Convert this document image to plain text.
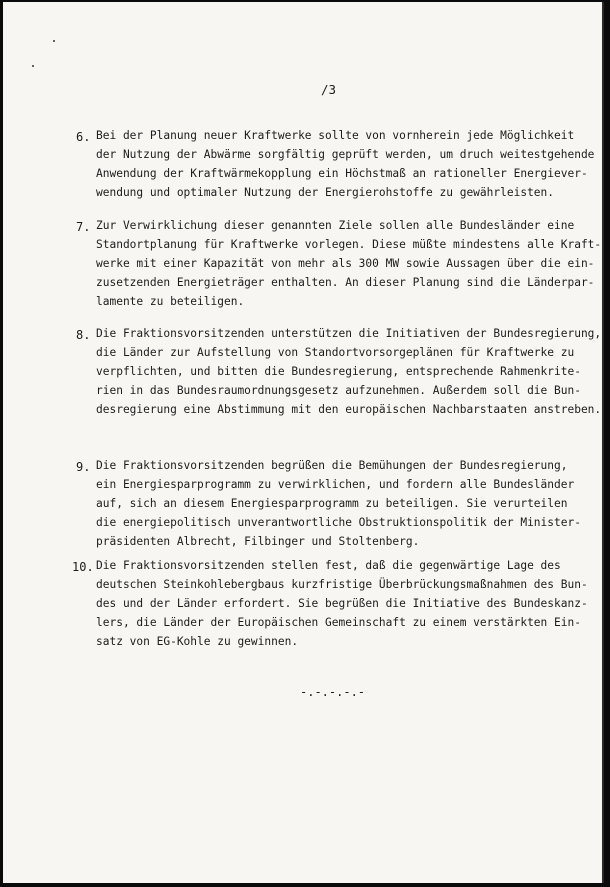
/3
6. Bei der Planung neuer Kraftwerke sollte von vornherein jede Möglichkeit
der Nutzung der Abwärme sorgfältig geprüft werden, um druch weitestgehende
Anwendung der Kraftwärmekopplung ein Höchstmaß an rationeller Energiever-
wendung und optimaler Nutzung der Energierohstoffe zu gewährleisten.
7. Zur Verwirklichung dieser genannten Ziele sollen alle Bundesländer eine
Standortplanung für Kraftwerke vorlegen. Diese müßte mindestens alle Kraft-
werke mit einer Kapazität von mehr als 300 MW sowie Aussagen über die ein-
zusetzenden Energieträger enthalten. An dieser Planung sind die Länderpar-
lamente zu beteiligen.
8. Die Fraktionsvorsitzenden unterstützen die Initiativen der Bundesregierung,
die Länder zur Aufstellung von Standortvorsorgeplänen für Kraftwerke zu
verpflichten, und bitten die Bundesregierung, entsprechende Rahmenkrite-
rien in das Bundesraumordnungsgesetz aufzunehmen. Außerdem soll die Bun-
desregierung eine Abstimmung mit den europäischen Nachbarstaaten anstreben.
9. Die Fraktionsvorsitzenden begrüßen die Bemühungen der Bundesregierung,
ein Energiesparprogramm zu verwirklichen, und fordern alle Bundesländer
auf, sich an diesem Energiesparprogramm zu beteiligen. Sie verurteilen
die energiepolitisch unverantwortliche Obstruktionspolitik der Minister-
präsidenten Albrecht, Filbinger und Stoltenberg.
10. Die Fraktionsvorsitzenden stellen fest, daß die gegenwärtige Lage des
deutschen Steinkohlebergbaus kurzfristige Überbrückungsmaßnahmen des Bun-
des und der Länder erfordert. Sie begrüßen die Initiative des Bundeskanz-
lers, die Länder der Europäischen Gemeinschaft zu einem verstärkten Ein-
satz von EG-Kohle zu gewinnen.
-.-.-.-.-
